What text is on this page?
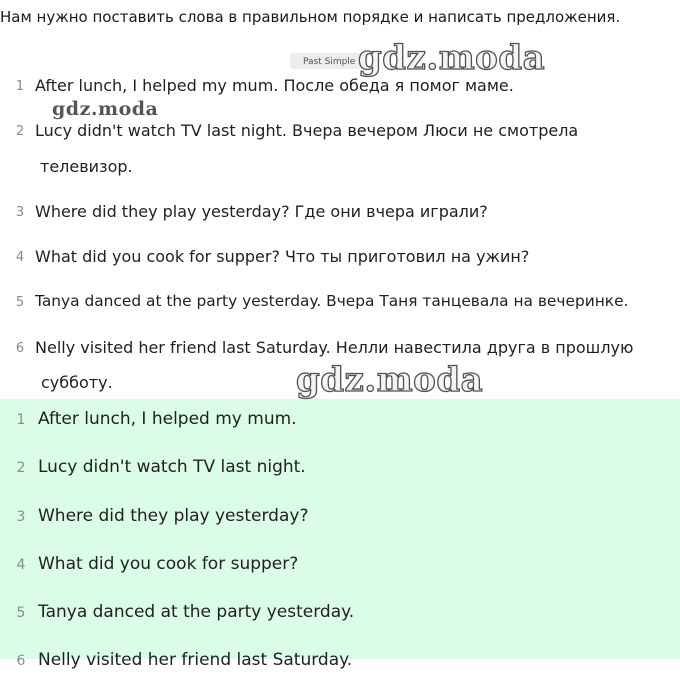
Нам нужно поставить слова в правильном порядке и написать предложения.
Past Simple
1 After lunch, I helped my mum. После обеда я помог маме.
2 Lucy didn't watch TV last night. Вчера вечером Люси не смотрела
телевизор.
3 Where did they play yesterday? Где они вчера играли?
4 What did you cook for supper? Что ты приготовил на ужин?
5 Tanya danced at the party yesterday. Вчера Таня танцевала на вечеринке.
6 Nelly visited her friend last Saturday. Нелли навестила друга в прошлую
субботу.
1 After lunch, I helped my mum.
2 Lucy didn't watch TV last night.
3 Where did they play yesterday?
4 What did you cook for supper?
5 Tanya danced at the party yesterday.
6 Nelly visited her friend last Saturday.
gdz.moda
gdz.moda
gdz.moda
